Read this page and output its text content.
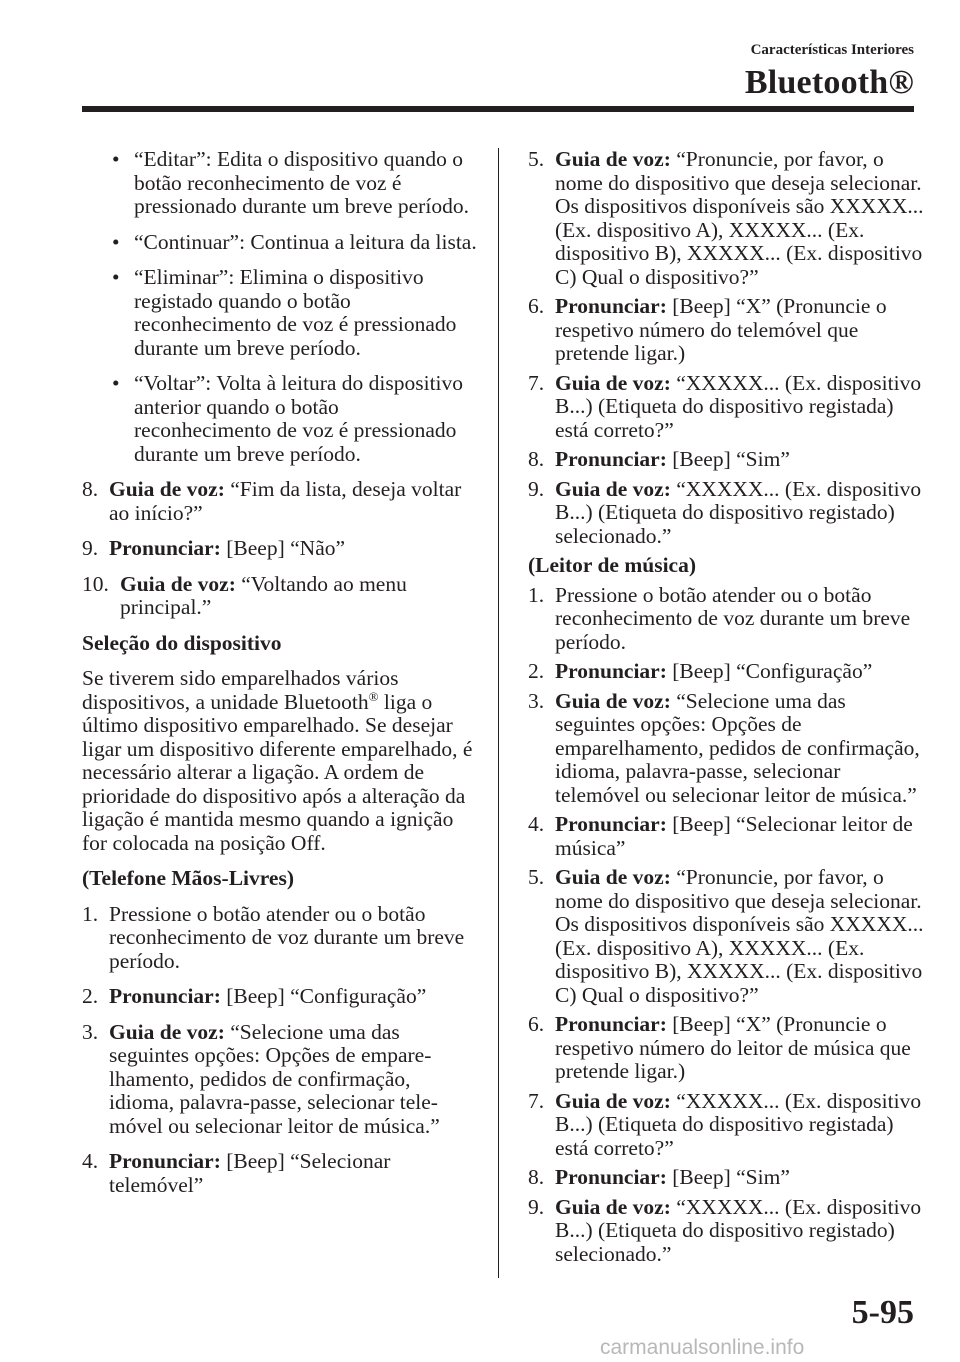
Características Interiores
Bluetooth®
• “Editar”: Edita o dispositivo quando o botão reconhecimento de voz é pressionado durante um breve período.
• “Continuar”: Continua a leitura da lista.
• “Eliminar”: Elimina o dispositivo registado quando o botão reconhecimento de voz é pressionado durante um breve período.
• “Voltar”: Volta à leitura do dispositivo anterior quando o botão reconhecimento de voz é pressionado durante um breve período.
8. Guia de voz: “Fim da lista, deseja voltar ao início?”
9. Pronunciar: [Beep] “Não”
10. Guia de voz: “Voltando ao menu principal.”
Seleção do dispositivo
Se tiverem sido emparelhados vários dispositivos, a unidade Bluetooth® liga o último dispositivo emparelhado. Se desejar ligar um dispositivo diferente emparelhado, é necessário alterar a ligação. A ordem de prioridade do dispositivo após a alteração da ligação é mantida mesmo quando a ignição for colocada na posição Off.
(Telefone Mãos-Livres)
1. Pressione o botão atender ou o botão reconhecimento de voz durante um breve período.
2. Pronunciar: [Beep] “Configuração”
3. Guia de voz: “Selecione uma das seguintes opções: Opções de empare-lhamento, pedidos de confirmação, idioma, palavra-passe, selecionar tele-móvel ou selecionar leitor de música.”
4. Pronunciar: [Beep] “Selecionar telemóvel”
5. Guia de voz: “Pronuncie, por favor, o nome do dispositivo que deseja selecionar. Os dispositivos disponíveis são XXXXX... (Ex. dispositivo A), XXXXX... (Ex. dispositivo B), XXXXX... (Ex. dispositivo C) Qual o dispositivo?”
6. Pronunciar: [Beep] “X” (Pronuncie o respetivo número do telemóvel que pretende ligar.)
7. Guia de voz: “XXXXX... (Ex. dispositivo B...) (Etiqueta do dispositivo registada) está correto?”
8. Pronunciar: [Beep] “Sim”
9. Guia de voz: “XXXXX... (Ex. dispositivo B...) (Etiqueta do dispositivo registado) selecionado.”
(Leitor de música)
1. Pressione o botão atender ou o botão reconhecimento de voz durante um breve período.
2. Pronunciar: [Beep] “Configuração”
3. Guia de voz: “Selecione uma das seguintes opções: Opções de emparelhamento, pedidos de confirmação, idioma, palavra-passe, selecionar telemóvel ou selecionar leitor de música.”
4. Pronunciar: [Beep] “Selecionar leitor de música”
5. Guia de voz: “Pronuncie, por favor, o nome do dispositivo que deseja selecionar. Os dispositivos disponíveis são XXXXX... (Ex. dispositivo A), XXXXX... (Ex. dispositivo B), XXXXX... (Ex. dispositivo C) Qual o dispositivo?”
6. Pronunciar: [Beep] “X” (Pronuncie o respetivo número do leitor de música que pretende ligar.)
7. Guia de voz: “XXXXX... (Ex. dispositivo B...) (Etiqueta do dispositivo registada) está correto?”
8. Pronunciar: [Beep] “Sim”
9. Guia de voz: “XXXXX... (Ex. dispositivo B...) (Etiqueta do dispositivo registado) selecionado.”
5-95
carmanualsonline.info
